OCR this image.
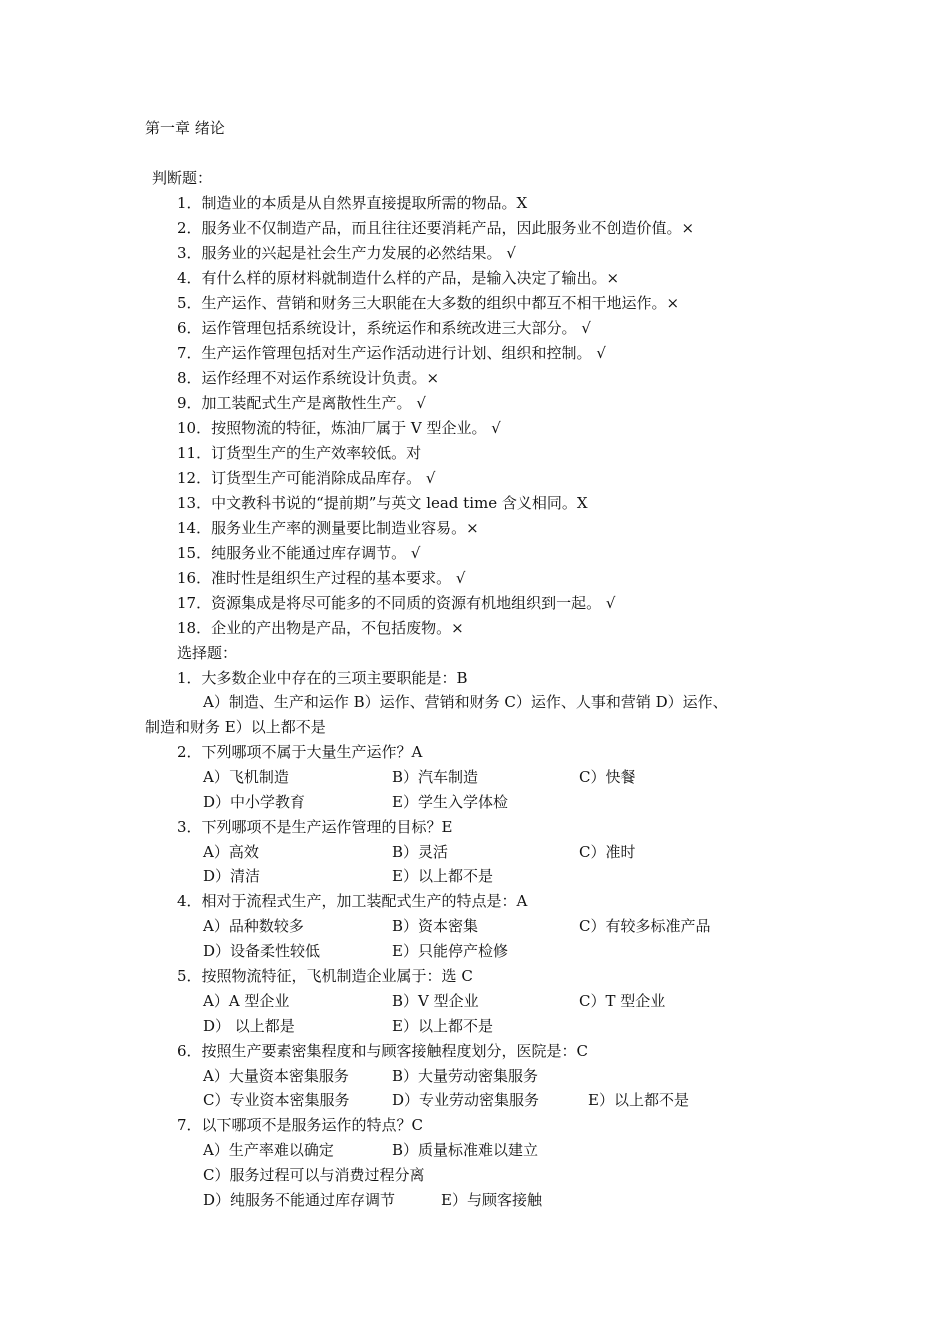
第一章 绪论
判断题：
1．制造业的本质是从自然界直接提取所需的物品。X
2．服务业不仅制造产品，而且往往还要消耗产品，因此服务业不创造价值。×
3．服务业的兴起是社会生产力发展的必然结果。 √
4．有什么样的原材料就制造什么样的产品，是输入决定了输出。×
5．生产运作、营销和财务三大职能在大多数的组织中都互不相干地运作。×
6．运作管理包括系统设计，系统运作和系统改进三大部分。 √
7．生产运作管理包括对生产运作活动进行计划、组织和控制。 √
8．运作经理不对运作系统设计负责。×
9．加工装配式生产是离散性生产。 √
10．按照物流的特征，炼油厂属于 V 型企业。 √
11．订货型生产的生产效率较低。对
12．订货型生产可能消除成品库存。 √
13．中文教科书说的“提前期”与英文 lead time 含义相同。X
14．服务业生产率的测量要比制造业容易。×
15．纯服务业不能通过库存调节。 √
16．准时性是组织生产过程的基本要求。 √
17．资源集成是将尽可能多的不同质的资源有机地组织到一起。 √
18．企业的产出物是产品，不包括废物。×
选择题：
1．大多数企业中存在的三项主要职能是：B
A）制造、生产和运作 B）运作、营销和财务 C）运作、人事和营销 D）运作、
制造和财务 E）以上都不是
2．下列哪项不属于大量生产运作？A
A）飞机制造	B）汽车制造	C）快餐
D）中小学教育	E）学生入学体检
3．下列哪项不是生产运作管理的目标？E
A）高效	B）灵活	C）准时
D）清洁	E）以上都不是
4．相对于流程式生产，加工装配式生产的特点是：A
A）品种数较多	B）资本密集	C）有较多标准产品
D）设备柔性较低	E）只能停产检修
5．按照物流特征，飞机制造企业属于：选 C
A）A 型企业	B）V 型企业	C）T 型企业
D） 以上都是	E）以上都不是
6．按照生产要素密集程度和与顾客接触程度划分，医院是：C
A）大量资本密集服务	B）大量劳动密集服务
C）专业资本密集服务	D）专业劳动密集服务	E）以上都不是
7．以下哪项不是服务运作的特点？C
A）生产率难以确定	B）质量标准难以建立
C）服务过程可以与消费过程分离
D）纯服务不能通过库存调节	E）与顾客接触
